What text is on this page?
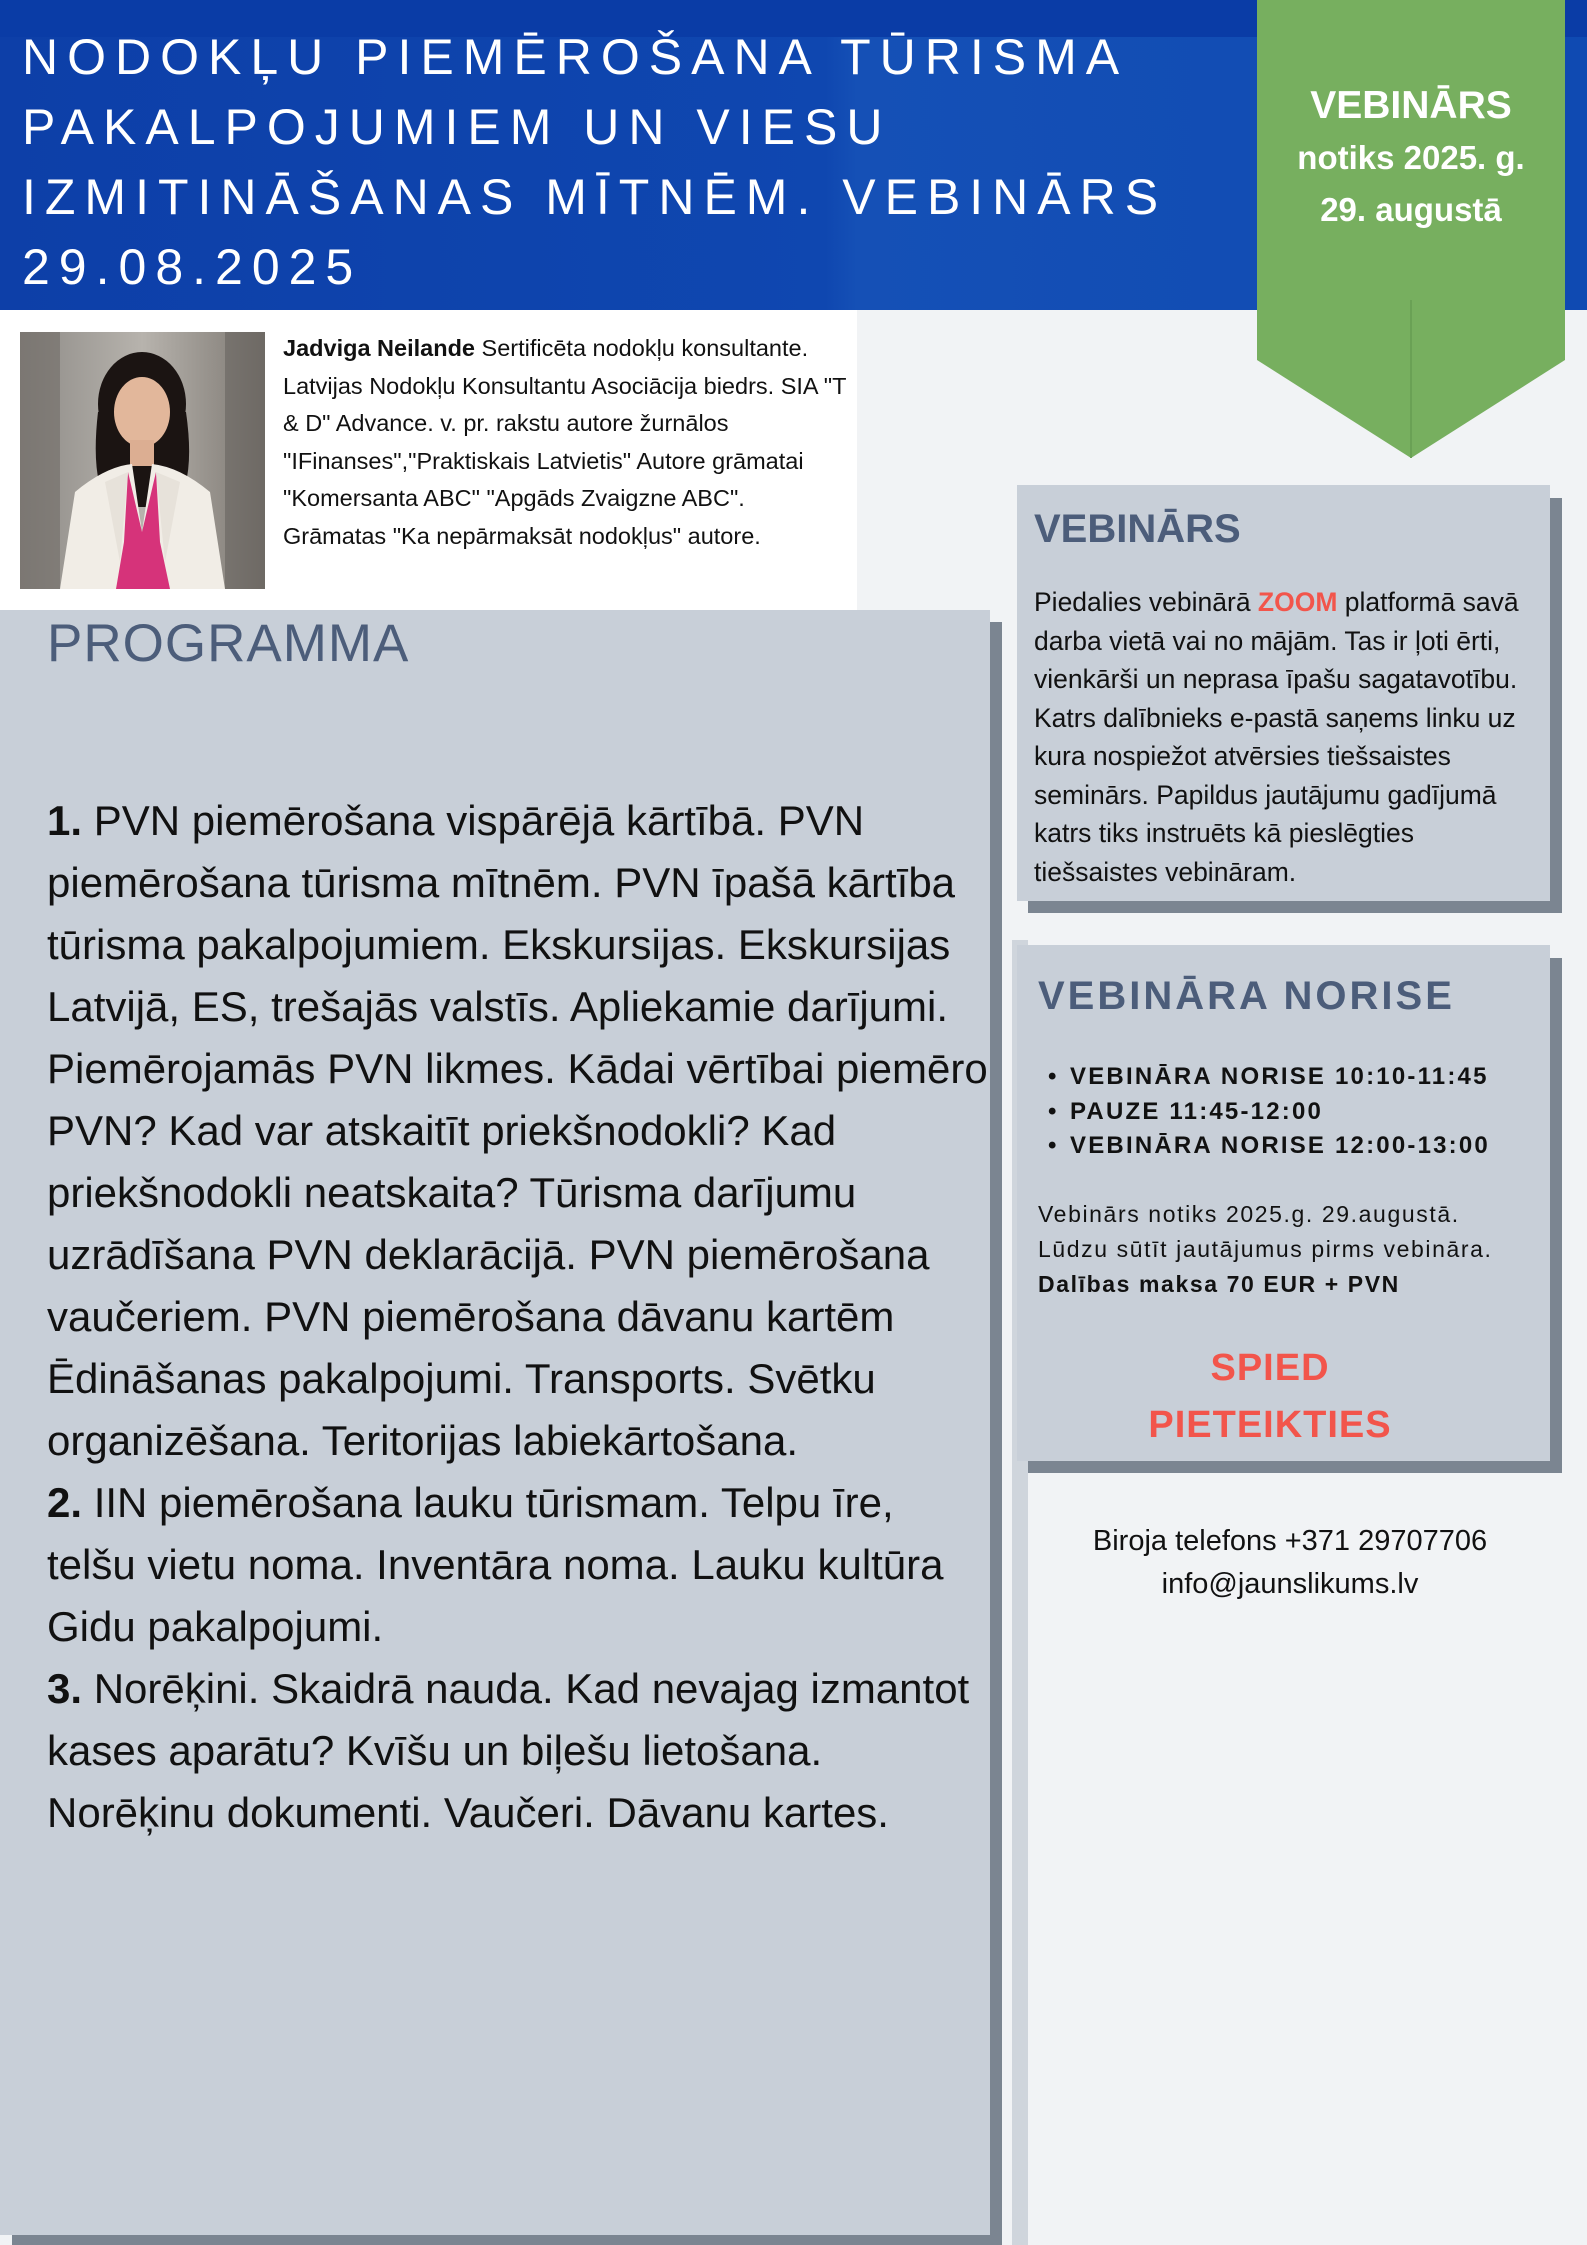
NODOKĻU PIEMĒROŠANA TŪRISMA PAKALPOJUMIEM UN VIESU IZMITINĀŠANAS MĪTNĒM. VEBINĀRS 29.08.2025
VEBINĀRS
notiks 2025. g.
29. augustā
Jadviga Neilande Sertificēta nodokļu konsultante. Latvijas Nodokļu Konsultantu Asociācija biedrs. SIA "T & D" Advance. v. pr. rakstu autore žurnālos "IFinanses","Praktiskais Latvietis" Autore grāmatai "Komersanta ABC" "Apgāds Zvaigzne ABC". Grāmatas "Ka nepārmaksāt nodokļus" autore.
PROGRAMMA

1. PVN piemērošana vispārējā kārtībā. PVN piemērošana tūrisma mītnēm. PVN īpašā kārtība tūrisma pakalpojumiem. Ekskursijas. Ekskursijas Latvijā, ES, trešajās valstīs. Apliekamie darījumi. Piemērojamās PVN likmes. Kādai vērtībai piemēro PVN? Kad var atskaitīt priekšnodokli? Kad priekšnodokli neatskaita? Tūrisma darījumu uzrādīšana PVN deklarācijā. PVN piemērošana vaučeriem. PVN piemērošana dāvanu kartēm Ēdināšanas pakalpojumi. Transports. Svētku organizēšana. Teritorijas labiekārtošana.

2. IIN piemērošana lauku tūrismam. Telpu īre, telšu vietu noma. Inventāra noma. Lauku kultūra Gidu pakalpojumi.

3. Norēķini. Skaidrā nauda. Kad nevajag izmantot kases aparātu? Kvīšu un biļešu lietošana. Norēķinu dokumenti. Vaučeri. Dāvanu kartes.

VEBINĀRS
Piedalies vebinārā ZOOM platformā savā darba vietā vai no mājām. Tas ir ļoti ērti, vienkārši un neprasa īpašu sagatavotību. Katrs dalībnieks e-pastā saņems linku uz kura nospiežot atvērsies tiešsaistes seminārs. Papildus jautājumu gadījumā katrs tiks instruēts kā pieslēgties tiešsaistes vebināram.
VEBINĀRA NORISE
• VEBINĀRA NORISE 10:10-11:45
• PAUZE 11:45-12:00
• VEBINĀRA NORISE 12:00-13:00
Vebinārs notiks 2025.g. 29.augustā.
Lūdzu sūtīt jautājumus pirms vebināra.
Dalības maksa 70 EUR + PVN
SPIED
PIETEIKTIES
Biroja telefons +371 29707706
info@jaunslikums.lv
